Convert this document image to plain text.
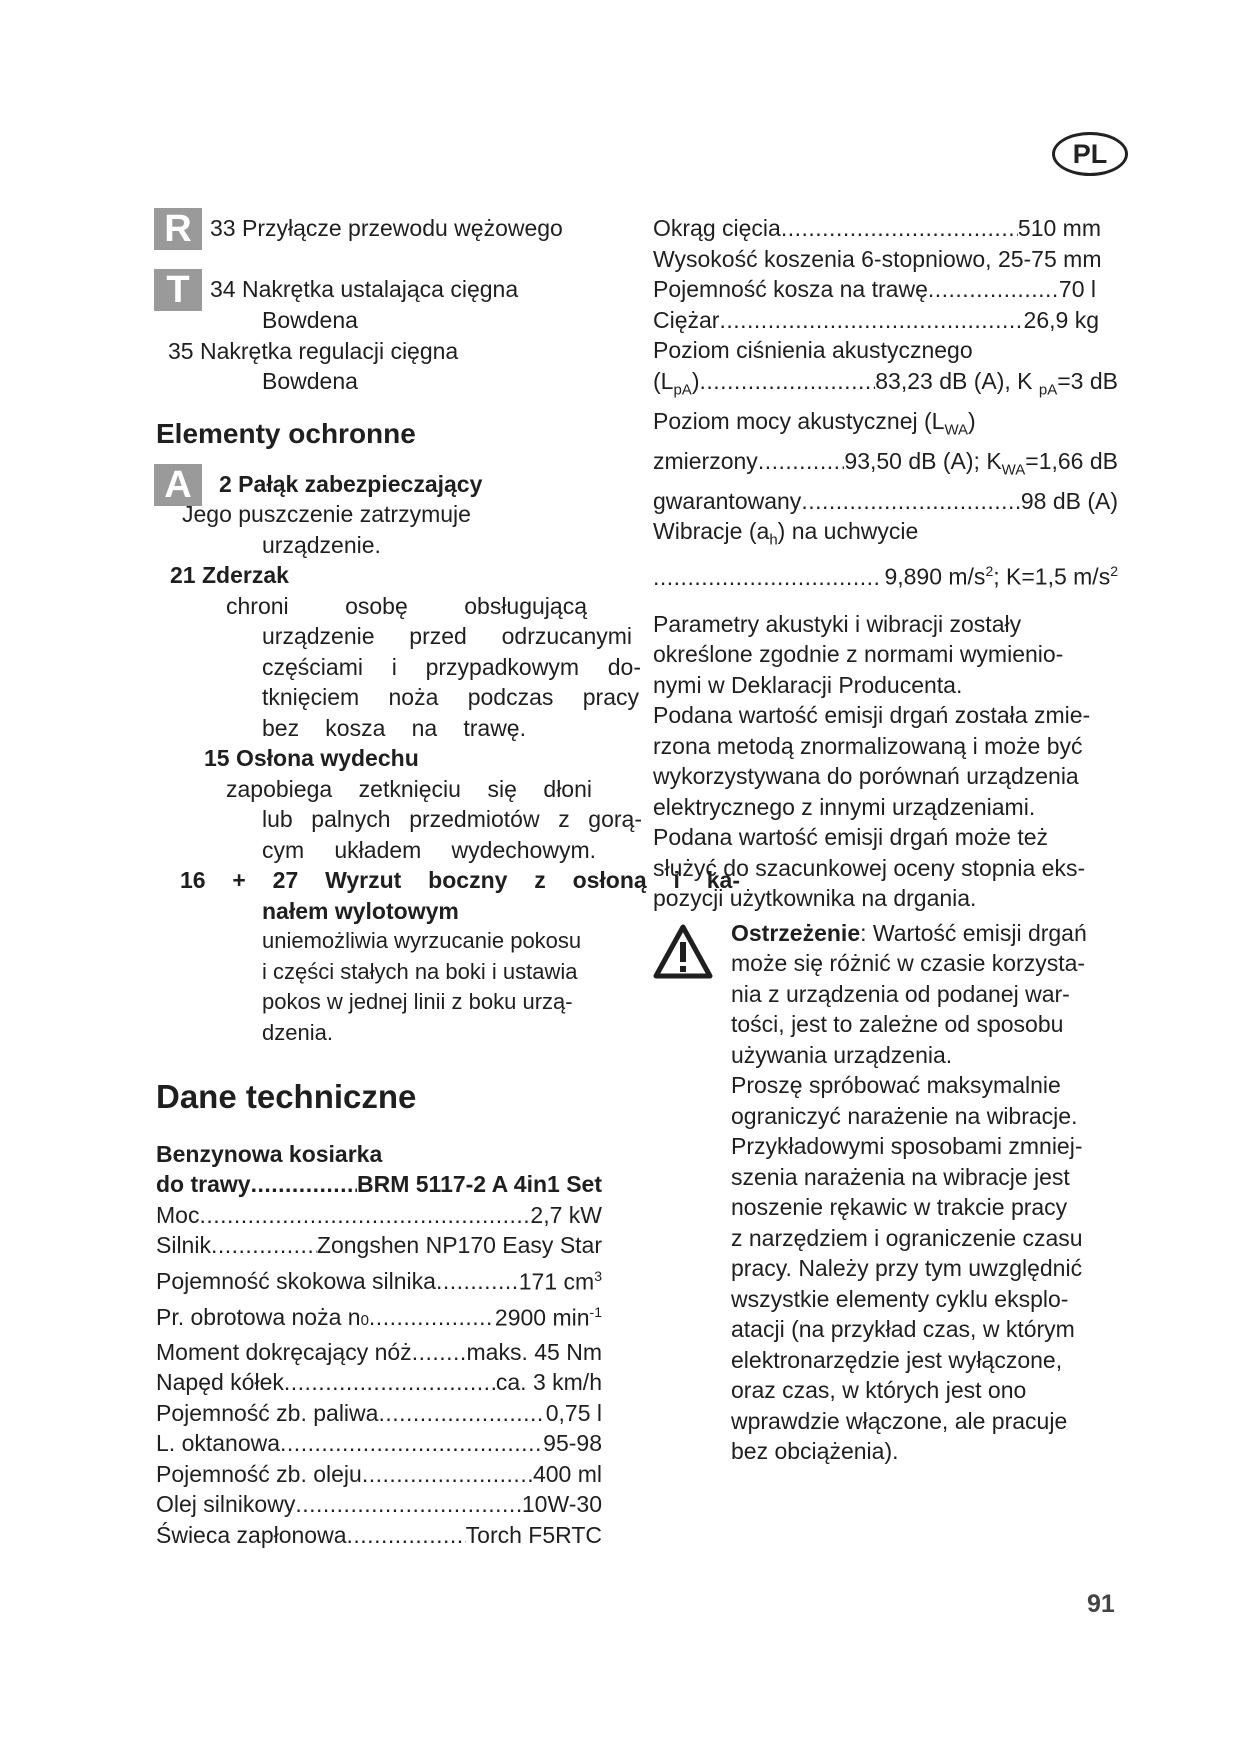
PL
R 33 Przyłącze przewodu wężowego
T 34 Nakrętka ustalająca cięgna
Bowdena
35 Nakrętka regulacji cięgna
Bowdena
Elementy ochronne
A	2 Pałąk zabezpieczający
Jego puszczenie zatrzymuje
urządzenie.
21 Zderzak
chroni osobę obsługującą
urządzenie przed odrzucanymi
częściami i przypadkowym do-
tknięciem noża podczas pracy
bez kosza na trawę.
15 Osłona wydechu
zapobiega zetknięciu się dłoni
lub palnych przedmiotów z gorą-
cym układem wydechowym.
16 + 27 Wyrzut boczny z osłoną i ka-
nałem wylotowym
uniemożliwia wyrzucanie pokosu
i części stałych na boki i ustawia
pokos w jednej linii z boku urzą-
dzenia.
Dane techniczne
Benzynowa kosiarka
do trawy .....	BRM 5117-2 A 4in1 Set
Moc .....	2,7 kW
Silnik .....	Zongshen NP170 Easy Star
Pojemność skokowa silnika .....	171 $cm^3$
Pr. obrotowa noża n 0 .....	2900 $\min^{-1}$
Moment dokręcający nóż ..... maks. 45 Nm
Napęd kółek .....	ca. 3 km/h
Pojemność zb. paliwa .....	0,75 l
L. oktanowa .....	95-98
Pojemność zb. oleju .....	400 ml
Olej silnikowy .....	10W-30
Świeca zapłonowa .....	Torch F5RTC
Okrąg cięcia .....	510 mm
Wysokość koszenia 6-stopniowo, 25-75 mm
Pojemność kosza na trawę .....	70 l
Ciężar .....	26,9 kg
Poziom ciśnienia akustycznego
$(L_{pA})$ .....	83,23 dB (A), K $_{pA}$=3 dB
Poziom mocy akustycznej $(L_{WA})$
zmierzony .....	93,50 dB (A); $K_{WA}=1,66$ dB
gwarantowany .....	98 dB (A)
Wibracje $(a_h)$ na uchwycie
.....
9,890 $m/s^2$; K=1,5 $m/s^2$
Parametry akustyki i wibracji zostały
określone zgodnie z normami wymienio-
nymi w Deklaracji Producenta.
Podana wartość emisji drgań została zmie-
rzona metodą znormalizowaną i może być
wykorzystywana do porównań urządzenia
elektrycznego z innymi urządzeniami.
Podana wartość emisji drgań może też
służyć do szacunkowej oceny stopnia eks-
pozycji użytkownika na drgania.
Ostrzeżenie: Wartość emisji drgań
może się różnić w czasie korzysta-
nia z urządzenia od podanej war-
tości, jest to zależne od sposobu
używania urządzenia.
Proszę spróbować maksymalnie
ograniczyć narażenie na wibracje.
Przykładowymi sposobami zmniej-
szenia narażenia na wibracje jest
noszenie rękawic w trakcie pracy
z narzędziem i ograniczenie czasu
pracy. Należy przy tym uwzględnić
wszystkie elementy cyklu eksplo-
atacji (na przykład czas, w którym
elektronarzędzie jest wyłączone,
oraz czas, w których jest ono
wprawdzie włączone, ale pracuje
bez obciążenia).
91
